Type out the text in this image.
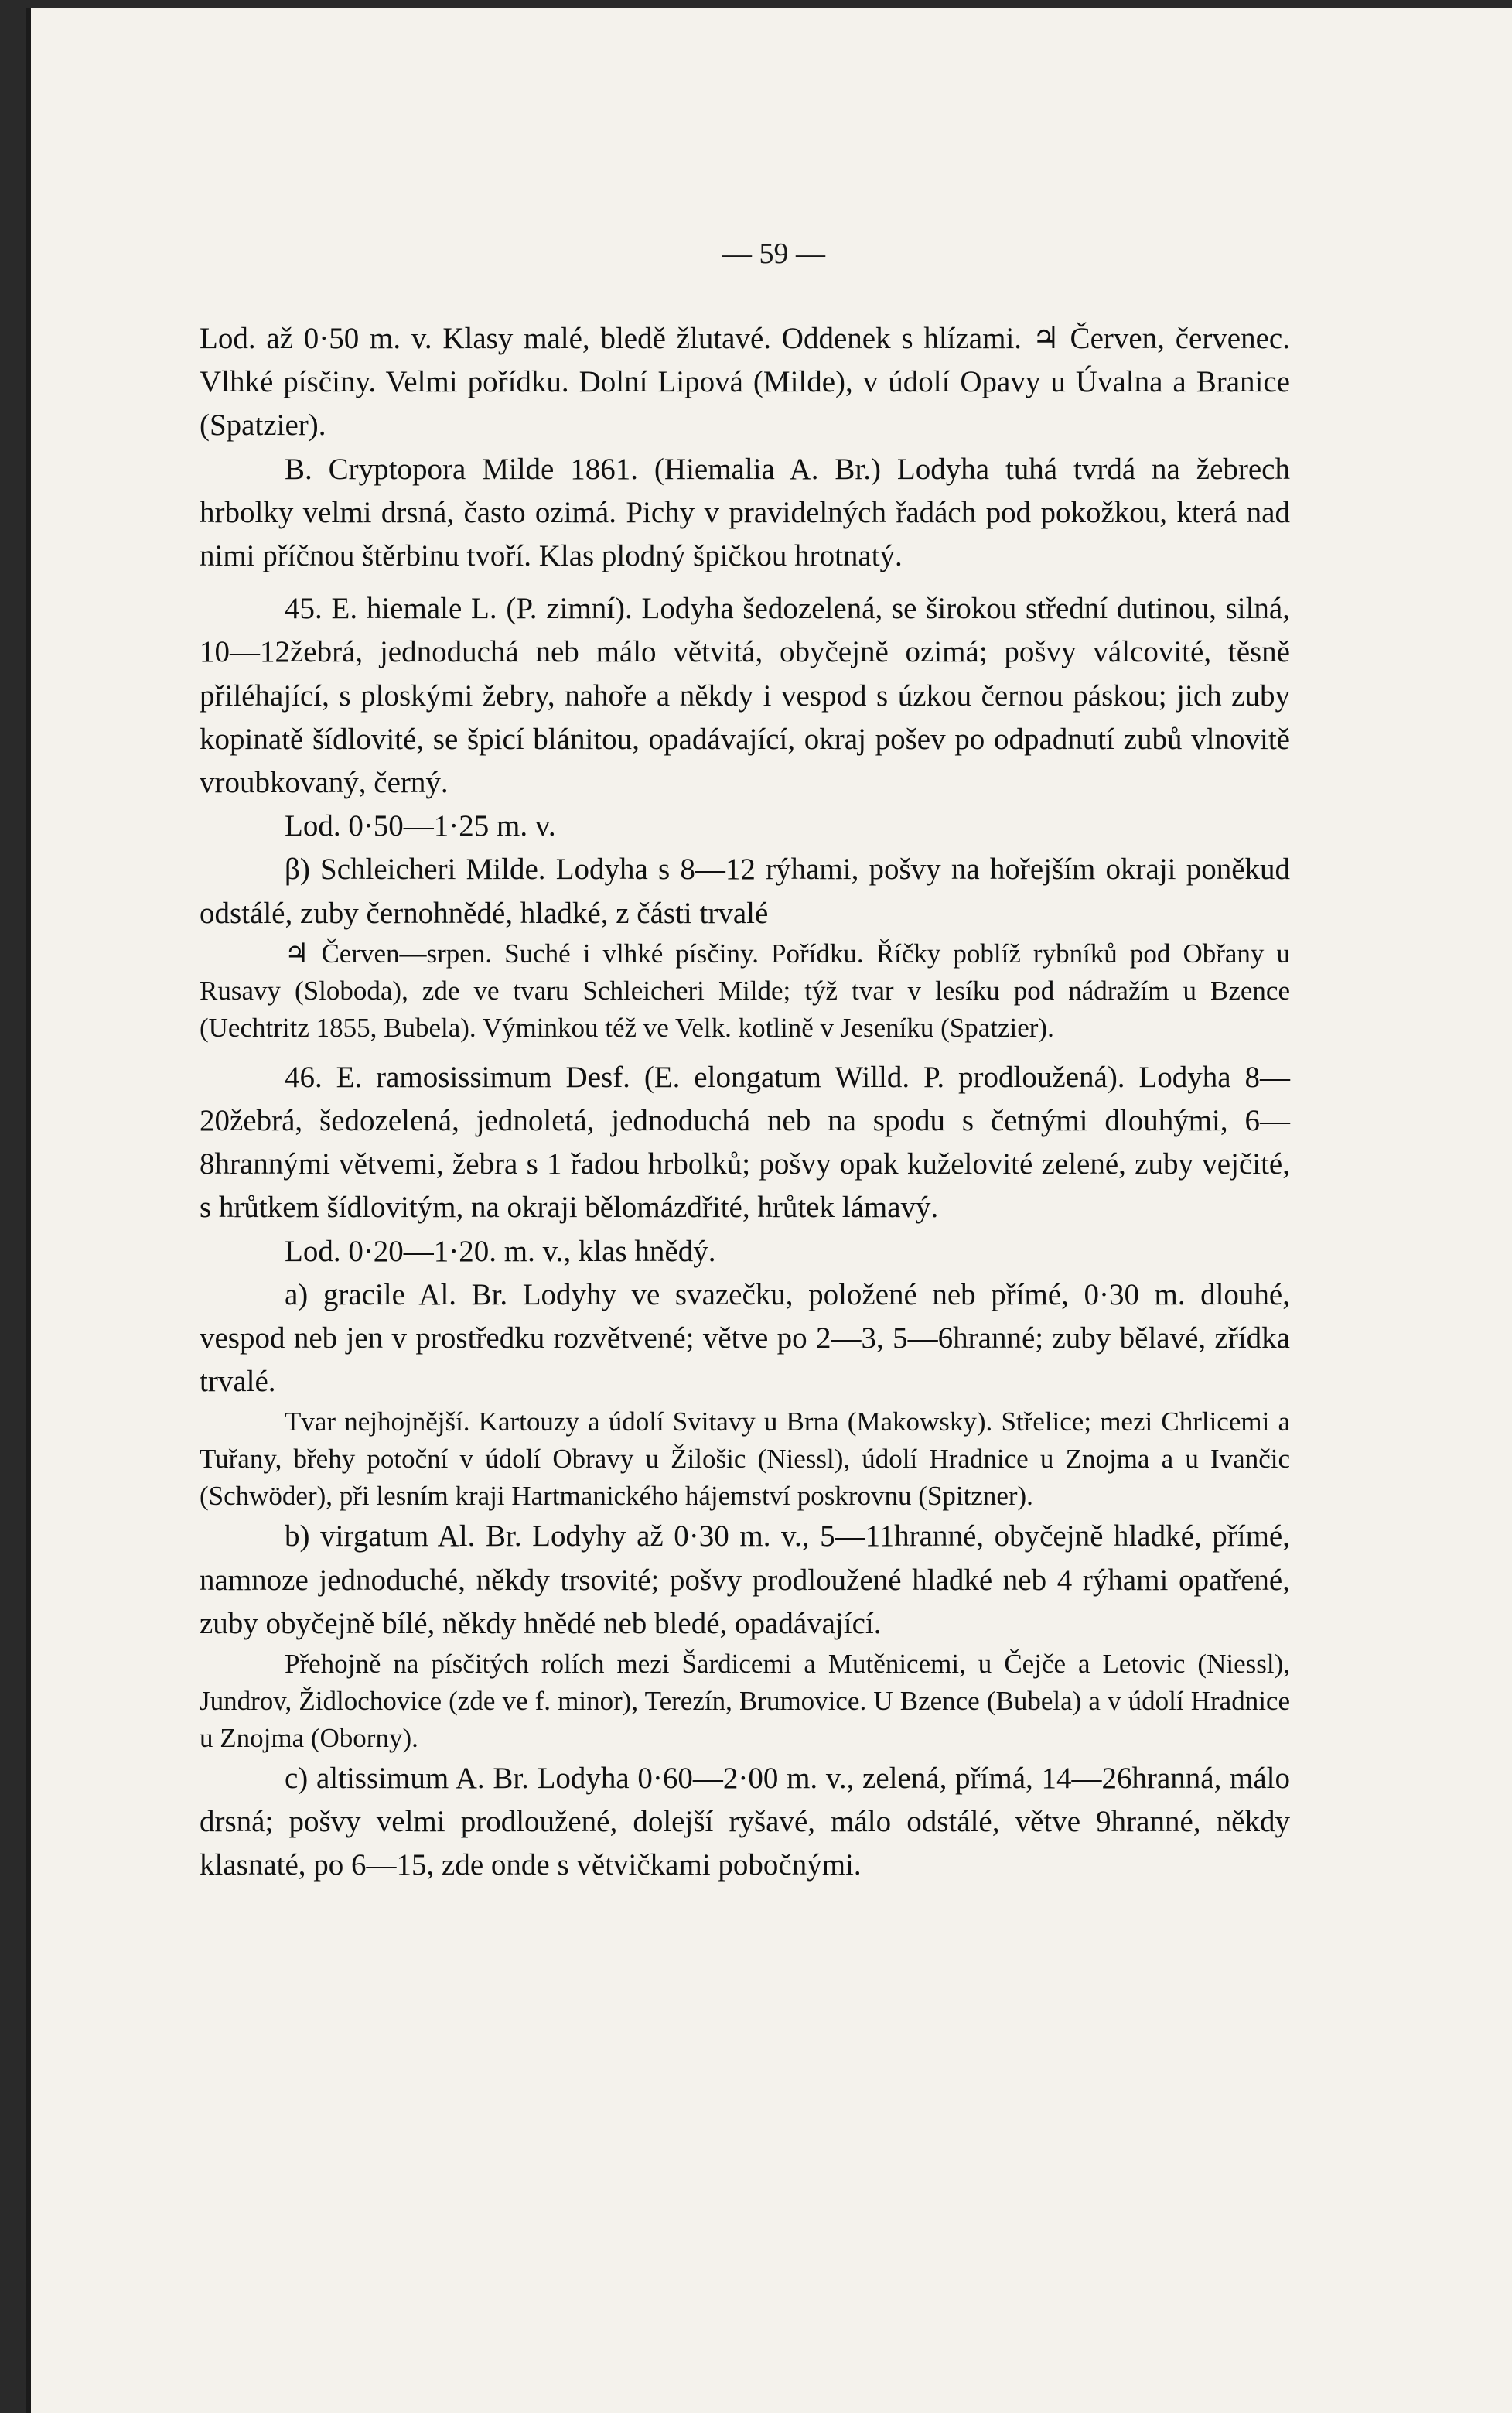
— 59 —

Lod. až 0·50 m. v. Klasy malé, bledě žlutavé. Oddenek s hlízami. ♃ Červen, červenec. Vlhké písčiny. Velmi pořídku. Dolní Lipová (Milde), v údolí Opavy u Úvalna a Branice (Spatzier).

B. Cryptopora Milde 1861. (Hiemalia A. Br.) Lodyha tuhá tvrdá na žebrech hrbolky velmi drsná, často ozimá. Pichy v pravidelných řadách pod pokožkou, která nad nimi příčnou štěrbinu tvoří. Klas plodný špičkou hrotnatý.

45. E. hiemale L. (P. zimní). Lodyha šedozelená, se širokou střední dutinou, silná, 10—12žebrá, jednoduchá neb málo větvitá, obyčejně ozimá; pošvy válcovité, těsně přiléhající, s ploskými žebry, nahoře a někdy i vespod s úzkou černou páskou; jich zuby kopinatě šídlovité, se špicí blánitou, opadávající, okraj pošev po odpadnutí zubů vlnovitě vroubkovaný, černý.

Lod. 0·50—1·25 m. v.

β) Schleicheri Milde. Lodyha s 8—12 rýhami, pošvy na hořejším okraji poněkud odstálé, zuby černohnědé, hladké, z části trvalé

♃ Červen—srpen. Suché i vlhké písčiny. Pořídku. Říčky poblíž rybníků pod Obřany u Rusavy (Sloboda), zde ve tvaru Schleicheri Milde; týž tvar v lesíku pod nádražím u Bzence (Uechtritz 1855, Bubela). Výminkou též ve Velk. kotlině v Jeseníku (Spatzier).

46. E. ramosissimum Desf. (E. elongatum Willd. P. prodloužená). Lodyha 8—20žebrá, šedozelená, jednoletá, jednoduchá neb na spodu s četnými dlouhými, 6—8hrannými větvemi, žebra s 1 řadou hrbolků; pošvy opak kuželovité zelené, zuby vejčité, s hrůtkem šídlovitým, na okraji bělomázdřité, hrůtek lámavý.

Lod. 0·20—1·20. m. v., klas hnědý.

a) gracile Al. Br. Lodyhy ve svazečku, položené neb přímé, 0·30 m. dlouhé, vespod neb jen v prostředku rozvětvené; větve po 2—3, 5—6hranné; zuby bělavé, zřídka trvalé.

Tvar nejhojnější. Kartouzy a údolí Svitavy u Brna (Makowsky). Střelice; mezi Chrlicemi a Tuřany, břehy potoční v údolí Obravy u Žilošic (Niessl), údolí Hradnice u Znojma a u Ivančic (Schwöder), při lesním kraji Hartmanického hájemství poskrovnu (Spitzner).

b) virgatum Al. Br. Lodyhy až 0·30 m. v., 5—11hranné, obyčejně hladké, přímé, namnoze jednoduché, někdy trsovité; pošvy prodloužené hladké neb 4 rýhami opatřené, zuby obyčejně bílé, někdy hnědé neb bledé, opadávající.

Přehojně na písčitých rolích mezi Šardicemi a Mutěnicemi, u Čejče a Letovic (Niessl), Jundrov, Židlochovice (zde ve f. minor), Terezín, Brumovice. U Bzence (Bubela) a v údolí Hradnice u Znojma (Oborny).

c) altissimum A. Br. Lodyha 0·60—2·00 m. v., zelená, přímá, 14—26hranná, málo drsná; pošvy velmi prodloužené, dolejší ryšavé, málo odstálé, větve 9hranné, někdy klasnaté, po 6—15, zde onde s větvičkami pobočnými.
